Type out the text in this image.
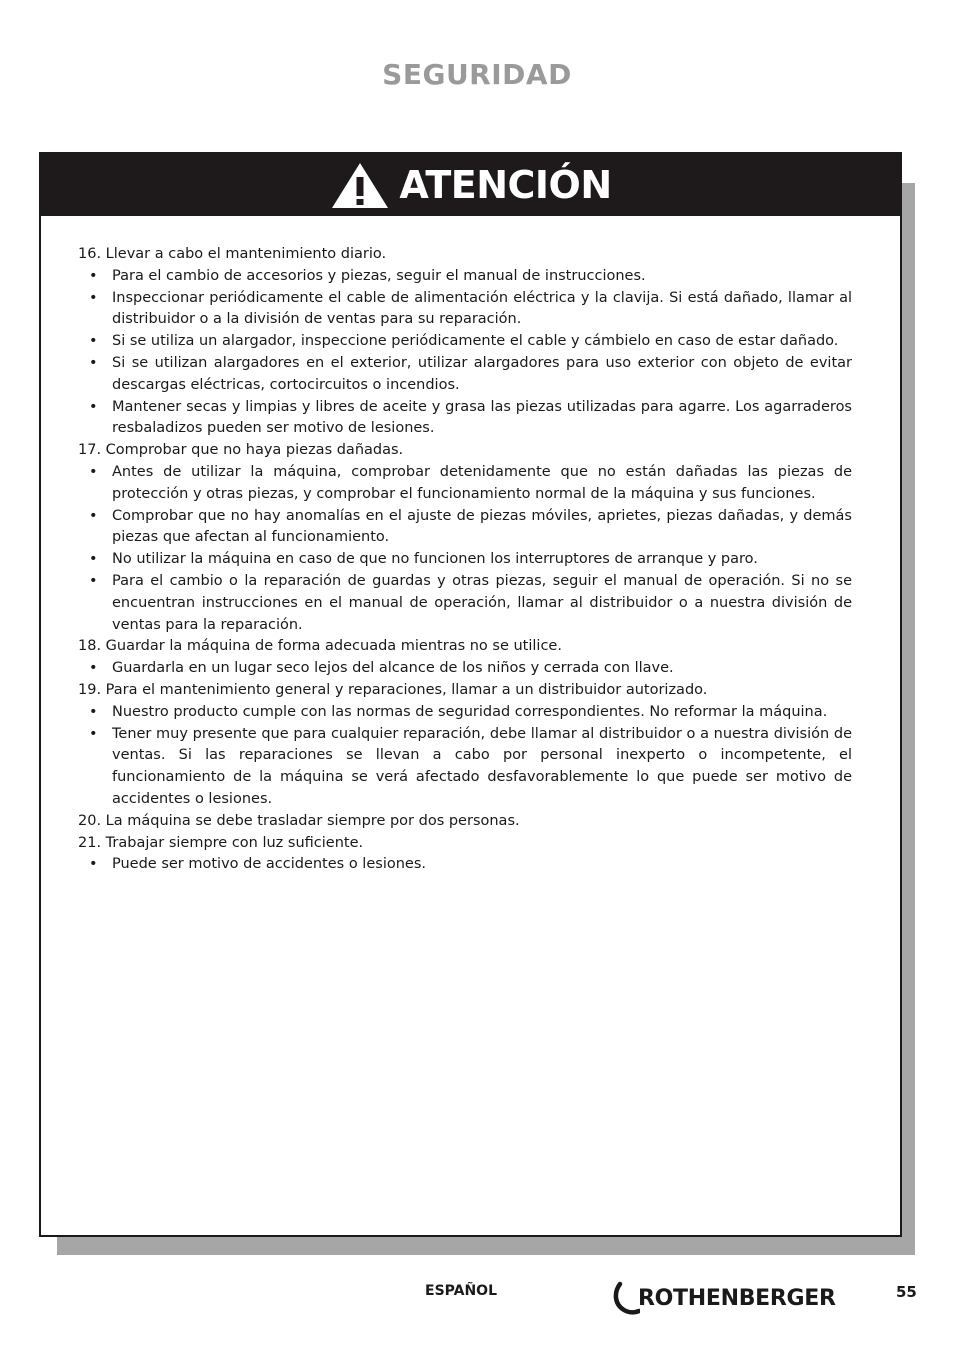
SEGURIDAD
ATENCIÓN

16. Llevar a cabo el mantenimiento diario.

• Para el cambio de accesorios y piezas, seguir el manual de instrucciones.
• Inspeccionar periódicamente el cable de alimentación eléctrica y la clavija. Si está dañado, llamar al distribuidor o a la división de ventas para su reparación.
• Si se utiliza un alargador, inspeccione periódicamente el cable y cámbielo en caso de estar dañado.
• Si se utilizan alargadores en el exterior, utilizar alargadores para uso exterior con objeto de evitar descargas eléctricas, cortocircuitos o incendios.
• Mantener secas y limpias y libres de aceite y grasa las piezas utilizadas para agarre. Los agarraderos resbaladizos pueden ser motivo de lesiones.

17. Comprobar que no haya piezas dañadas.

• Antes de utilizar la máquina, comprobar detenidamente que no están dañadas las piezas de protección y otras piezas, y comprobar el funcionamiento normal de la máquina y sus funciones.
• Comprobar que no hay anomalías en el ajuste de piezas móviles, aprietes, piezas dañadas, y demás piezas que afectan al funcionamiento.
• No utilizar la máquina en caso de que no funcionen los interruptores de arranque y paro.
• Para el cambio o la reparación de guardas y otras piezas, seguir el manual de operación. Si no se encuentran instrucciones en el manual de operación, llamar al distribuidor o a nuestra división de ventas para la reparación.

18. Guardar la máquina de forma adecuada mientras no se utilice.

• Guardarla en un lugar seco lejos del alcance de los niños y cerrada con llave.

19. Para el mantenimiento general y reparaciones, llamar a un distribuidor autorizado.

• Nuestro producto cumple con las normas de seguridad correspondientes. No reformar la máquina.
• Tener muy presente que para cualquier reparación, debe llamar al distribuidor o a nuestra división de ventas. Si las reparaciones se llevan a cabo por personal inexperto o incompetente, el funcionamiento de la máquina se verá afectado desfavorablemente lo que puede ser motivo de accidentes o lesiones.

20. La máquina se debe trasladar siempre por dos personas.

21. Trabajar siempre con luz suficiente.

• Puede ser motivo de accidentes o lesiones.
ESPAÑOL	ROTHENBERGER	55
